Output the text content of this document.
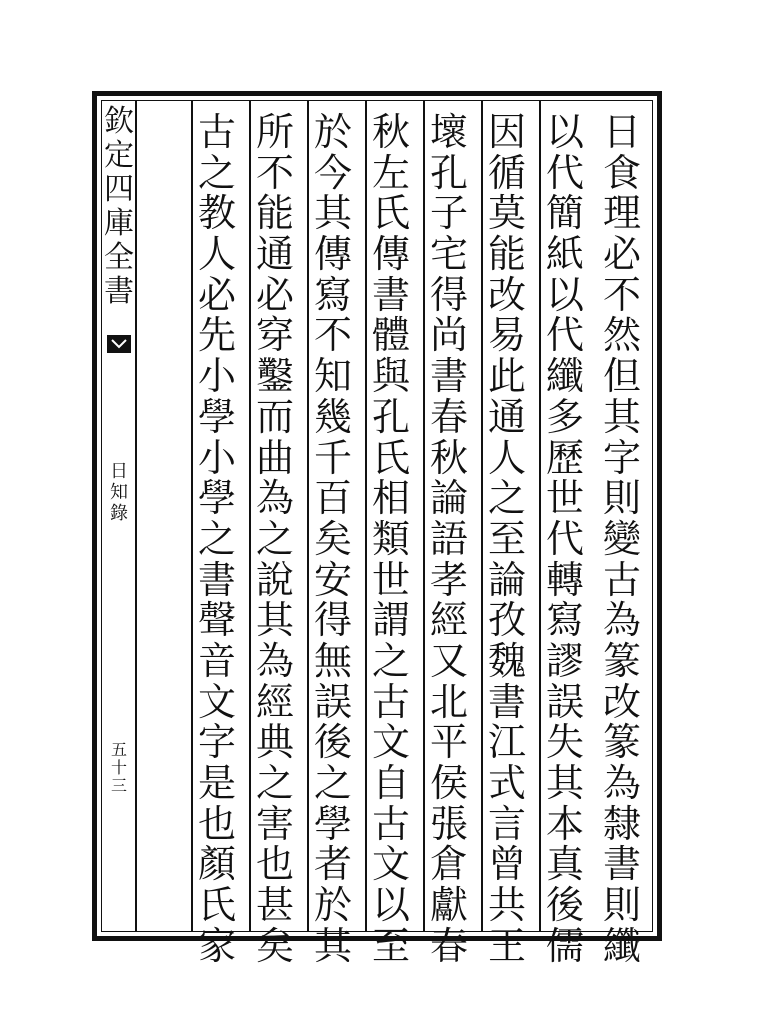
欽
定
四
庫
全
書
日
知
錄
五
十
三
日
食
理
必
不
然
但
其
字
則
變
古
為
篆
改
篆
為
隸
書
則
纖
以
代
簡
紙
以
代
纖
多
歷
世
代
轉
寫
謬
誤
失
其
本
真
後
儒
因
循
莫
能
改
易
此
通
人
之
至
論
孜
魏
書
江
式
言
曾
共
王
壞
孔
子
宅
得
尚
書
春
秋
論
語
孝
經
又
北
平
侯
張
倉
獻
春
秋
左
氏
傳
書
體
與
孔
氏
相
類
世
謂
之
古
文
自
古
文
以
至
於
今
其
傳
寫
不
知
幾
千
百
矣
安
得
無
誤
後
之
學
者
於
其
所
不
能
通
必
穿
鑿
而
曲
為
之
說
其
為
經
典
之
害
也
甚
矣
古
之
教
人
必
先
小
學
小
學
之
書
聲
音
文
字
是
也
顏
氏
家
